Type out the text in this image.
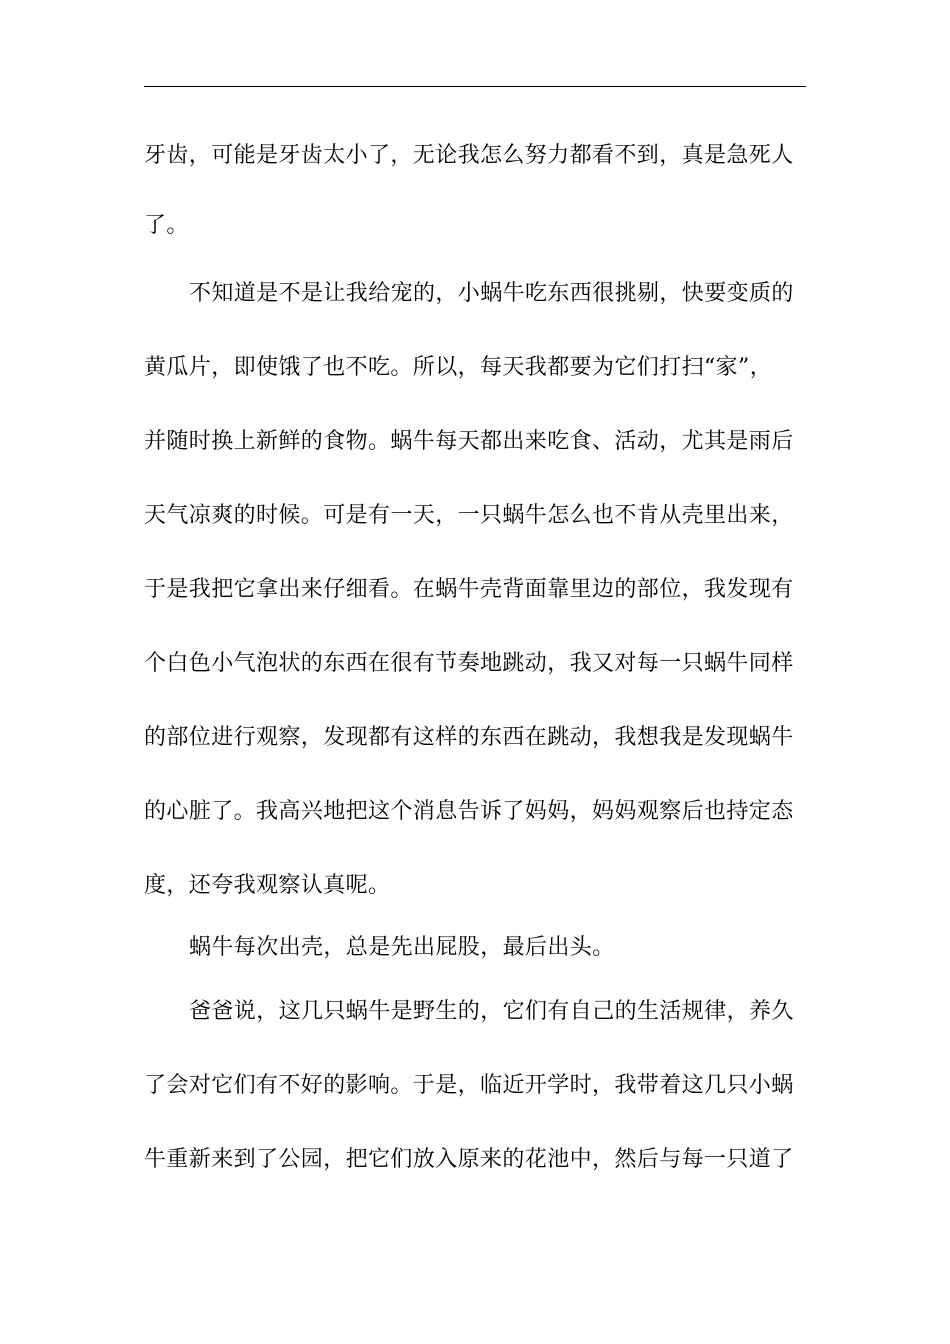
牙齿，可能是牙齿太小了，无论我怎么努力都看不到，真是急死人
了。
不知道是不是让我给宠的，小蜗牛吃东西很挑剔，快要变质的
黄瓜片，即使饿了也不吃。所以，每天我都要为它们打扫“家”，
并随时换上新鲜的食物。蜗牛每天都出来吃食、活动，尤其是雨后
天气凉爽的时候。可是有一天，一只蜗牛怎么也不肯从壳里出来，
于是我把它拿出来仔细看。在蜗牛壳背面靠里边的部位，我发现有
个白色小气泡状的东西在很有节奏地跳动，我又对每一只蜗牛同样
的部位进行观察，发现都有这样的东西在跳动，我想我是发现蜗牛
的心脏了。我高兴地把这个消息告诉了妈妈，妈妈观察后也持定态
度，还夸我观察认真呢。
蜗牛每次出壳，总是先出屁股，最后出头。
爸爸说，这几只蜗牛是野生的，它们有自己的生活规律，养久
了会对它们有不好的影响。于是，临近开学时，我带着这几只小蜗
牛重新来到了公园，把它们放入原来的花池中，然后与每一只道了
